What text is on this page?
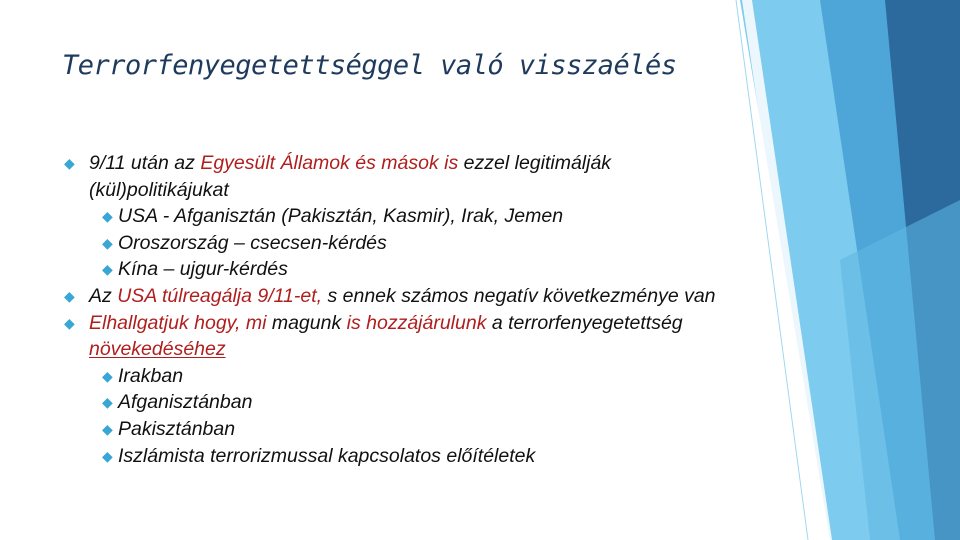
Terrorfenyegetettséggel való visszaélés
◆ 9/11 után az Egyesült Államok és mások is ezzel legitimálják (kül)politikájukat
◆ USA - Afganisztán (Pakisztán, Kasmir), Irak, Jemen
◆ Oroszország – csecsen-kérdés
◆ Kína – ujgur-kérdés
◆ Az USA túlreagálja 9/11-et, s ennek számos negatív következménye van
◆ Elhallgatjuk hogy, mi magunk is hozzájárulunk a terrorfenyegetettség növekedéséhez
◆ Irakban
◆ Afganisztánban
◆ Pakisztánban
◆ Iszlámista terrorizmussal kapcsolatos előítéletek
